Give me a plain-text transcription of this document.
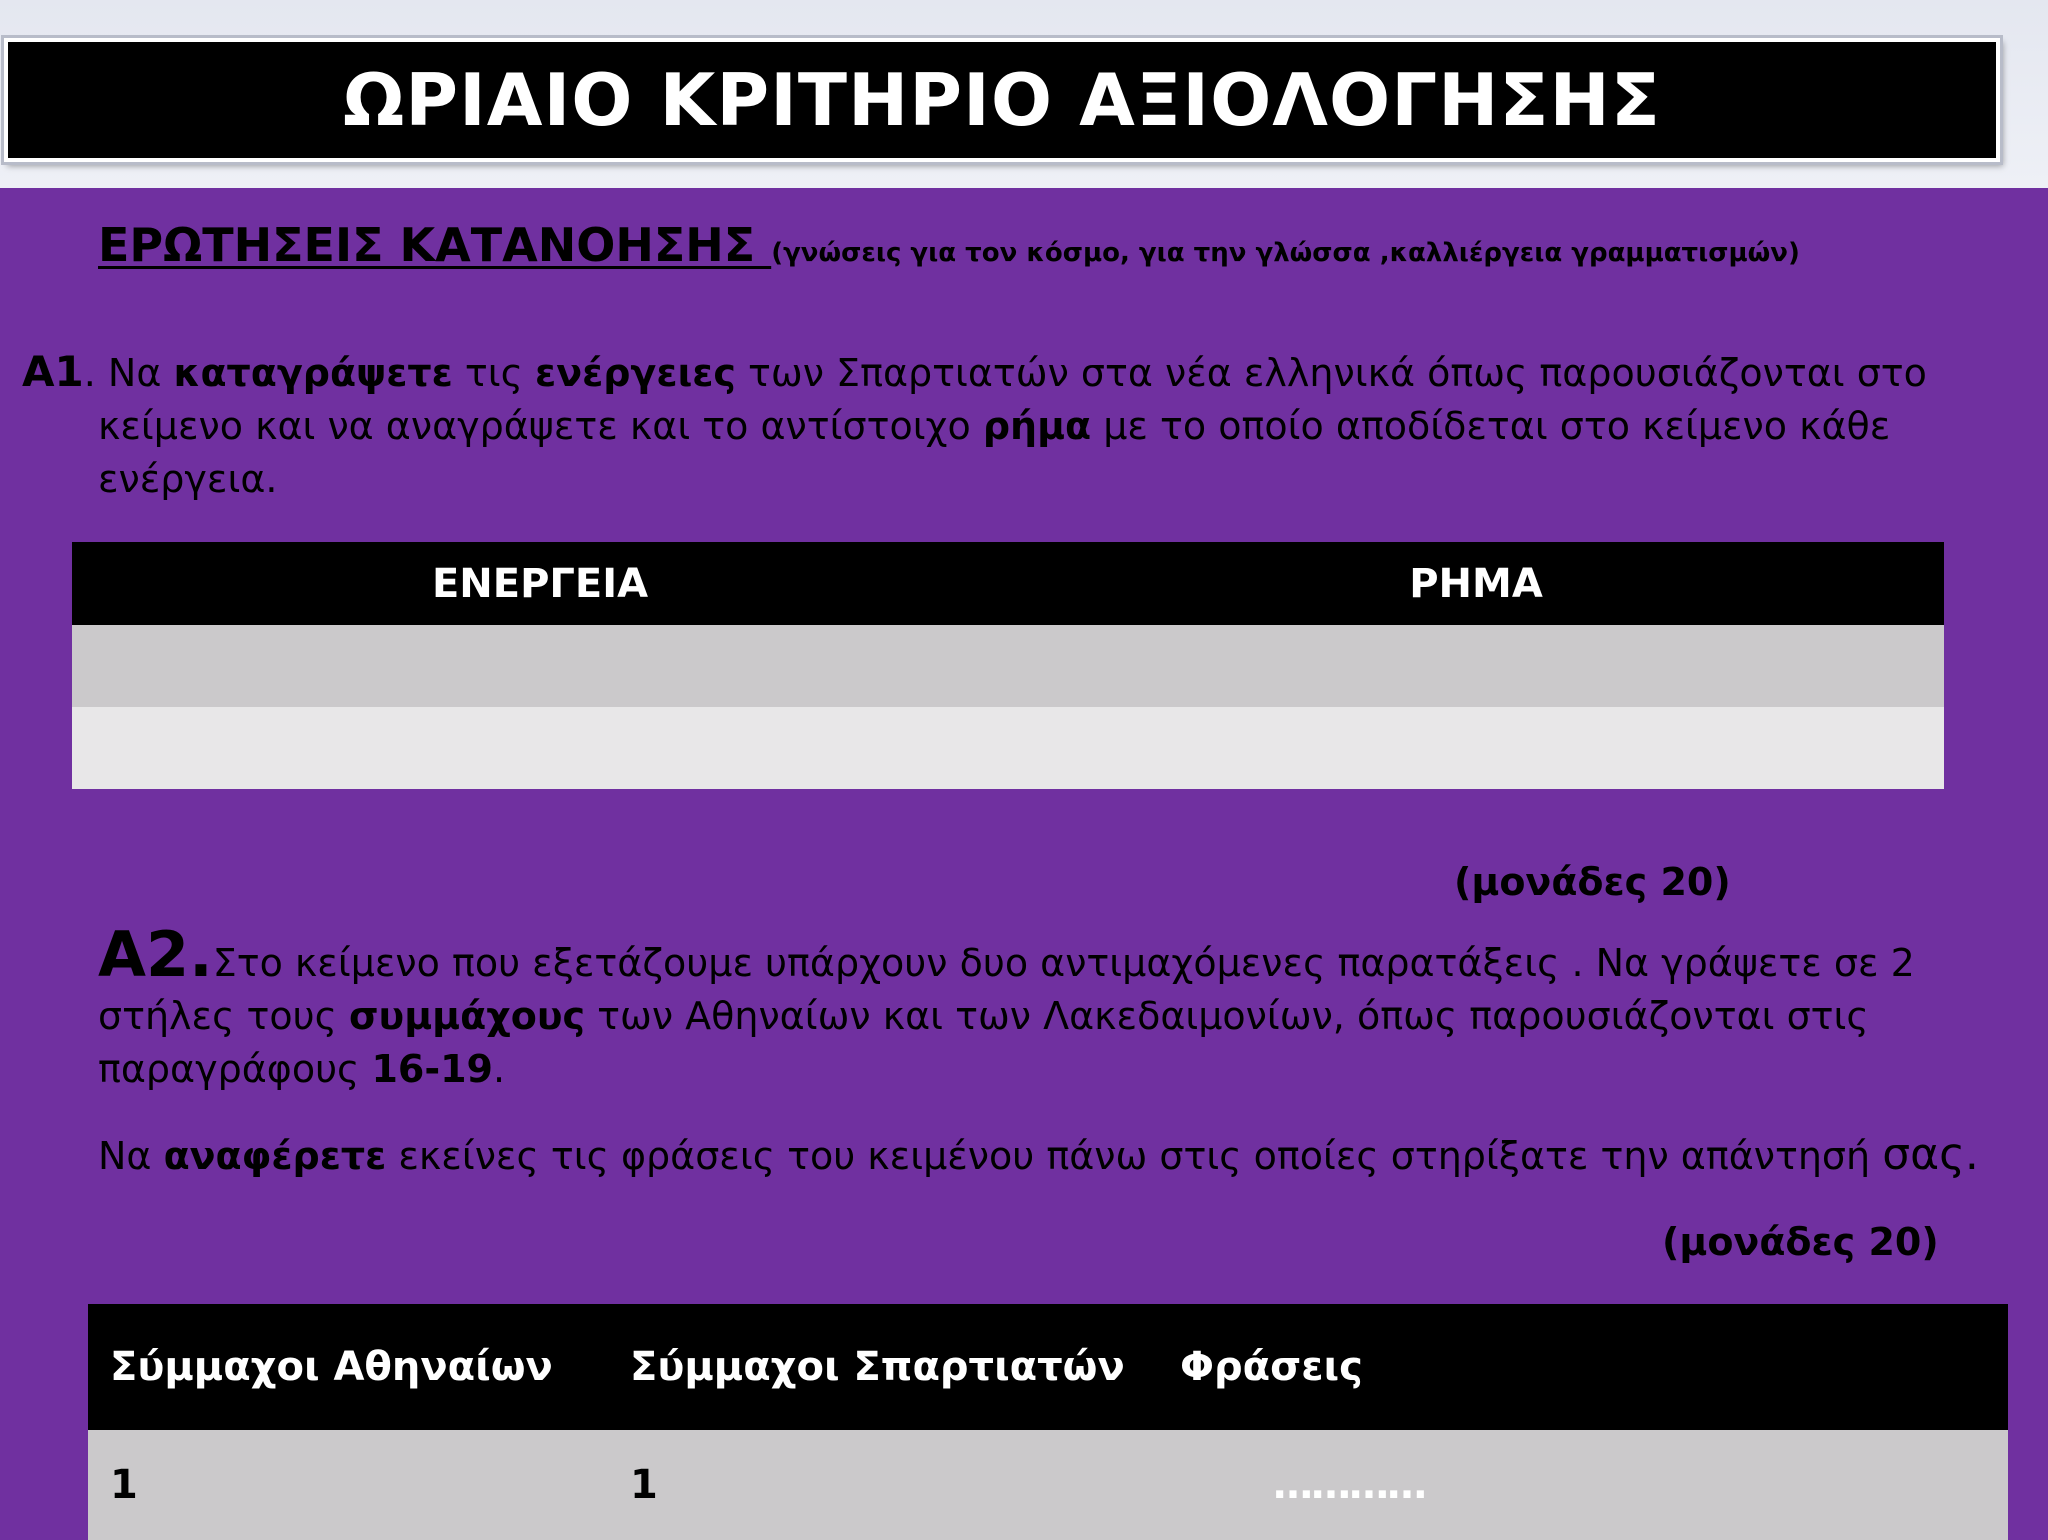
ΩΡΙΑΙΟ ΚΡΙΤΗΡΙΟ ΑΞΙΟΛΟΓΗΣΗΣ
ΕΡΩΤΗΣΕΙΣ ΚΑΤΑΝΟΗΣΗΣ (γνώσεις για τον κόσμο, για την γλώσσα ,καλλιέργεια γραμματισμών)
Α1. Να καταγράψετε τις ενέργειες των Σπαρτιατών στα νέα ελληνικά όπως παρουσιάζονται στο
κείμενο και να αναγράψετε και το αντίστοιχο ρήμα με το οποίο αποδίδεται στο κείμενο κάθε
ενέργεια.
ΕΝΕΡΓΕΙΑ	ΡΗΜΑ

(μονάδες 20)
Α2.Στο κείμενο που εξετάζουμε υπάρχουν δυο αντιμαχόμενες παρατάξεις . Να γράψετε σε 2
στήλες τους συμμάχους των Αθηναίων και των Λακεδαιμονίων, όπως παρουσιάζονται στις
παραγράφους 16-19.
Να αναφέρετε εκείνες τις φράσεις του κειμένου πάνω στις οποίες στηρίξατε την απάντησή σας.
(μονάδες 20)
Σύμμαχοι Αθηναίων	Σύμμαχοι Σπαρτιατών	Φράσεις
1	1	…………
